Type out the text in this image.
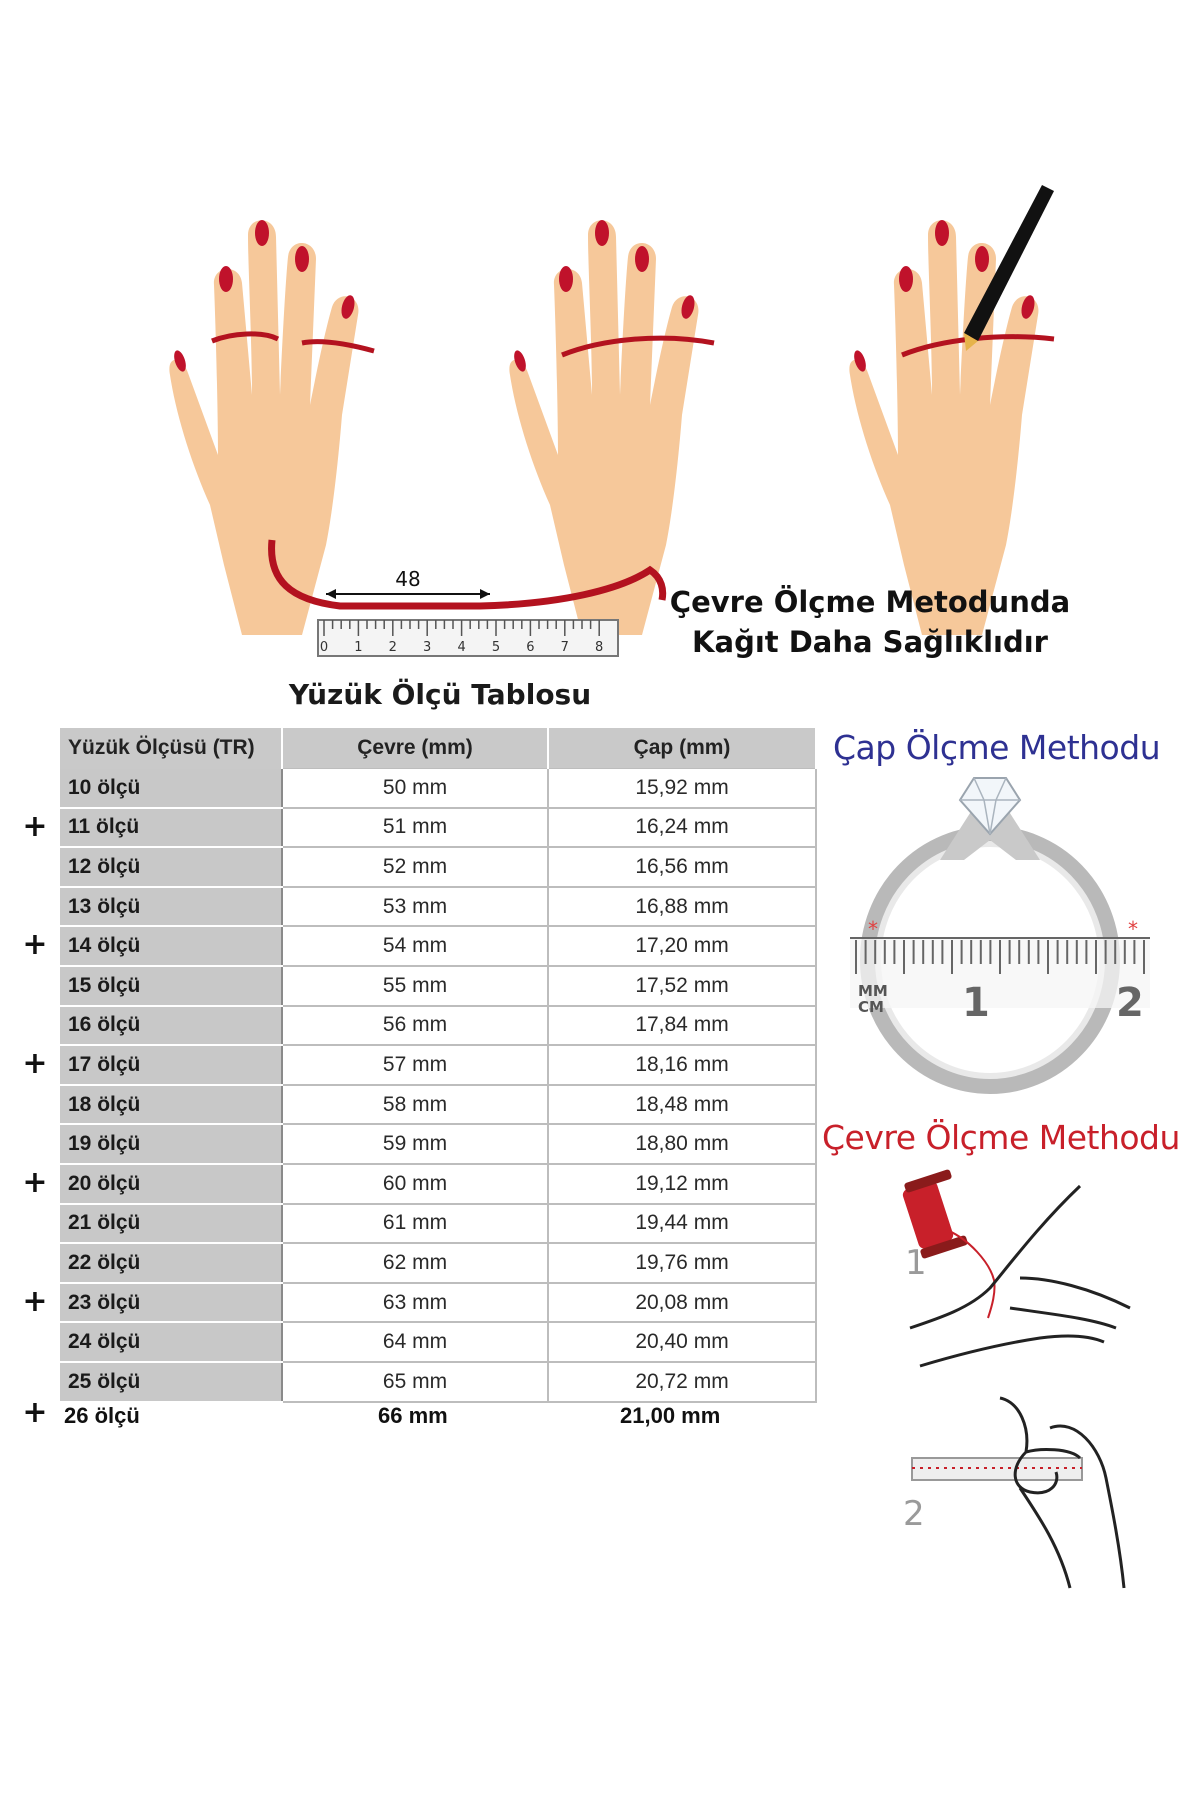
48
0 1 2 3 4 5 6 7 8
Çevre Ölçme Metodunda
Kağıt Daha Sağlıklıdır
Yüzük Ölçü Tablosu
Yüzük Ölçüsü (TR)	Çevre (mm)	Çap (mm)
10 ölçü	50 mm	15,92 mm
11 ölçü	51 mm	16,24 mm
12 ölçü	52 mm	16,56 mm
13 ölçü	53 mm	16,88 mm
14 ölçü	54 mm	17,20 mm
15 ölçü	55 mm	17,52 mm
16 ölçü	56 mm	17,84 mm
17 ölçü	57 mm	18,16 mm
18 ölçü	58 mm	18,48 mm
19 ölçü	59 mm	18,80 mm
20 ölçü	60 mm	19,12 mm
21 ölçü	61 mm	19,44 mm
22 ölçü	62 mm	19,76 mm
23 ölçü	63 mm	20,08 mm
24 ölçü	64 mm	20,40 mm
25 ölçü	65 mm	20,72 mm
+
+
+
+
+
+ 26 ölçü	66 mm	21,00 mm
Çap Ölçme Methodu
*	*
MM
CM 1	2
Çevre Ölçme Methodu
1
2
